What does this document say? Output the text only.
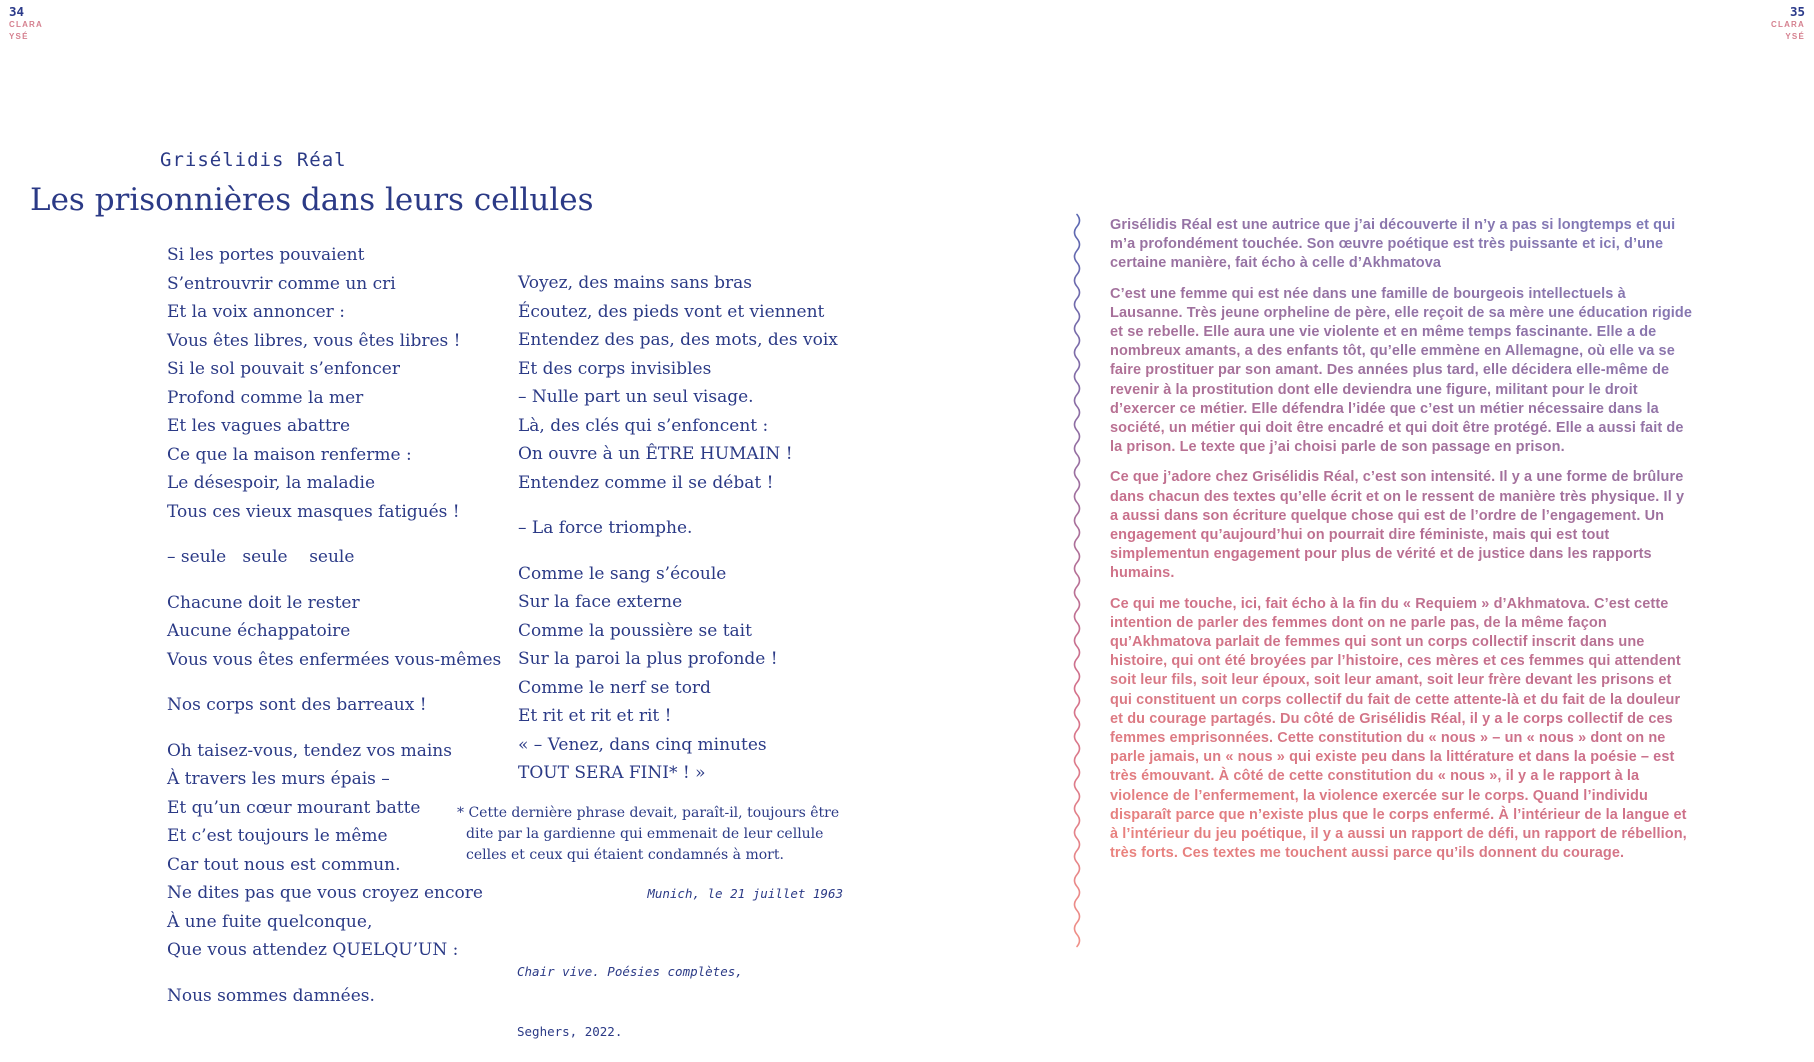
34
CLARA
YSÉ
35
CLARA
YSÉ
Grisélidis Réal
Les prisonnières dans leurs cellules
Si les portes pouvaient
S’entrouvrir comme un cri
Et la voix annoncer :
Vous êtes libres, vous êtes libres !
Si le sol pouvait s’enfoncer
Profond comme la mer
Et les vagues abattre
Ce que la maison renferme :
Le désespoir, la maladie
Tous ces vieux masques fatigués !
– seule   seule    seule
Chacune doit le rester
Aucune échappatoire
Vous vous êtes enfermées vous-mêmes
Nos corps sont des barreaux !
Oh taisez-vous, tendez vos mains
À travers les murs épais –
Et qu’un cœur mourant batte
Et c’est toujours le même
Car tout nous est commun.
Ne dites pas que vous croyez encore
À une fuite quelconque,
Que vous attendez QUELQU’UN :
Nous sommes damnées.
Voyez, des mains sans bras
Écoutez, des pieds vont et viennent
Entendez des pas, des mots, des voix
Et des corps invisibles
– Nulle part un seul visage.
Là, des clés qui s’enfoncent :
On ouvre à un ÊTRE HUMAIN !
Entendez comme il se débat !
– La force triomphe.
Comme le sang s’écoule
Sur la face externe
Comme la poussière se tait
Sur la paroi la plus profonde !
Comme le nerf se tord
Et rit et rit et rit !
« – Venez, dans cinq minutes
TOUT SERA FINI* ! »
* Cette dernière phrase devait, paraît-il, toujours être
dite par la gardienne qui emmenait de leur cellule
celles et ceux qui étaient condamnés à mort.
Munich, le 21 juillet 1963

Chair vive. Poésies complètes,

Seghers, 2022.

Grisélidis Réal est une autrice que j’ai découverte il n’y a pas si longtemps et qui m’a profondément touchée. Son œuvre poétique est très puissante et ici, d’une certaine manière, fait écho à celle d’Akhmatova

C’est une femme qui est née dans une famille de bourgeois intellectuels à Lausanne. Très jeune orpheline de père, elle reçoit de sa mère une éducation rigide et se rebelle. Elle aura une vie violente et en même temps fascinante. Elle a de nombreux amants, a des enfants tôt, qu’elle emmène en Allemagne, où elle va se faire prostituer par son amant. Des années plus tard, elle décidera elle-même de revenir à la prostitution dont elle deviendra une figure, militant pour le droit d’exercer ce métier. Elle défendra l’idée que c’est un métier nécessaire dans la société, un métier qui doit être encadré et qui doit être protégé. Elle a aussi fait de la prison. Le texte que j’ai choisi parle de son passage en prison.

Ce que j’adore chez Grisélidis Réal, c’est son intensité. Il y a une forme de brûlure dans chacun des textes qu’elle écrit et on le ressent de manière très physique. Il y a aussi dans son écriture quelque chose qui est de l’ordre de l’engagement. Un engagement qu’aujourd’hui on pourrait dire féministe, mais qui est tout simplementun engagement pour plus de vérité et de justice dans les rapports humains.

Ce qui me touche, ici, fait écho à la fin du « Requiem » d’Akhmatova. C’est cette intention de parler des femmes dont on ne parle pas, de la même façon qu’Akhmatova parlait de femmes qui sont un corps collectif inscrit dans une histoire, qui ont été broyées par l’histoire, ces mères et ces femmes qui attendent soit leur fils, soit leur époux, soit leur amant, soit leur frère devant les prisons et qui constituent un corps collectif du fait de cette attente-là et du fait de la douleur et du courage partagés. Du côté de Grisélidis Réal, il y a le corps collectif de ces femmes emprisonnées. Cette constitution du « nous » – un « nous » dont on ne parle jamais, un « nous » qui existe peu dans la littérature et dans la poésie – est très émouvant. À côté de cette constitution du « nous », il y a le rapport à la violence de l’enfermement, la violence exercée sur le corps. Quand l’individu disparaît parce que n’existe plus que le corps enfermé. À l’intérieur de la langue et à l’intérieur du jeu poétique, il y a aussi un rapport de défi, un rapport de rébellion, très forts. Ces textes me touchent aussi parce qu’ils donnent du courage.
